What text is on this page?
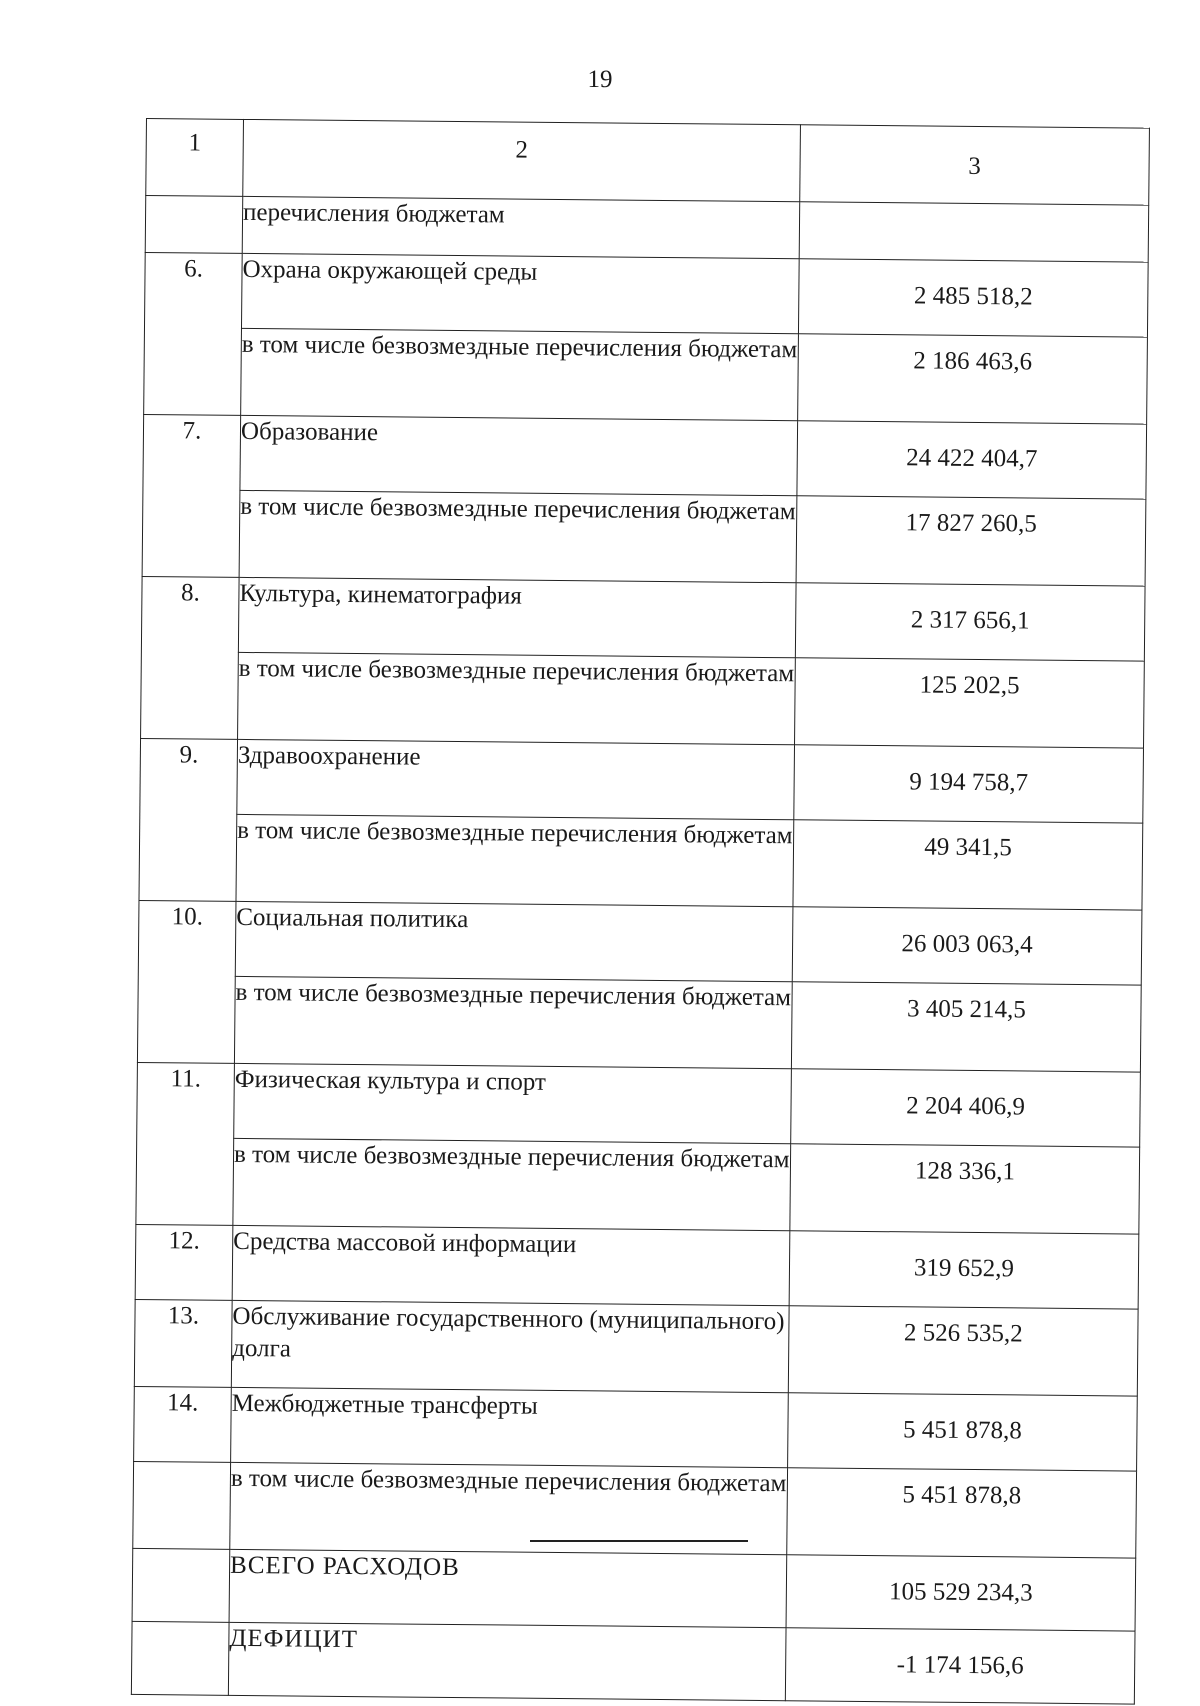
19
1	2	3
	перечисления бюджетам	
6.	Охрана окружающей среды	2 485 518,2
	в том числе безвозмездные перечисления бюджетам	2 186 463,6
7.	Образование	24 422 404,7
	в том числе безвозмездные перечисления бюджетам	17 827 260,5
8.	Культура, кинематография	2 317 656,1
	в том числе безвозмездные перечисления бюджетам	125 202,5
9.	Здравоохранение	9 194 758,7
	в том числе безвозмездные перечисления бюджетам	49 341,5
10.	Социальная политика	26 003 063,4
	в том числе безвозмездные перечисления бюджетам	3 405 214,5
11.	Физическая культура и спорт	2 204 406,9
	в том числе безвозмездные перечисления бюджетам	128 336,1
12.	Средства массовой информации	319 652,9
13.	Обслуживание государственного (муниципального) долга	2 526 535,2
14.	Межбюджетные трансферты	5 451 878,8
	в том числе безвозмездные перечисления бюджетам	5 451 878,8
	ВСЕГО РАСХОДОВ	105 529 234,3
	ДЕФИЦИТ	-1 174 156,6
